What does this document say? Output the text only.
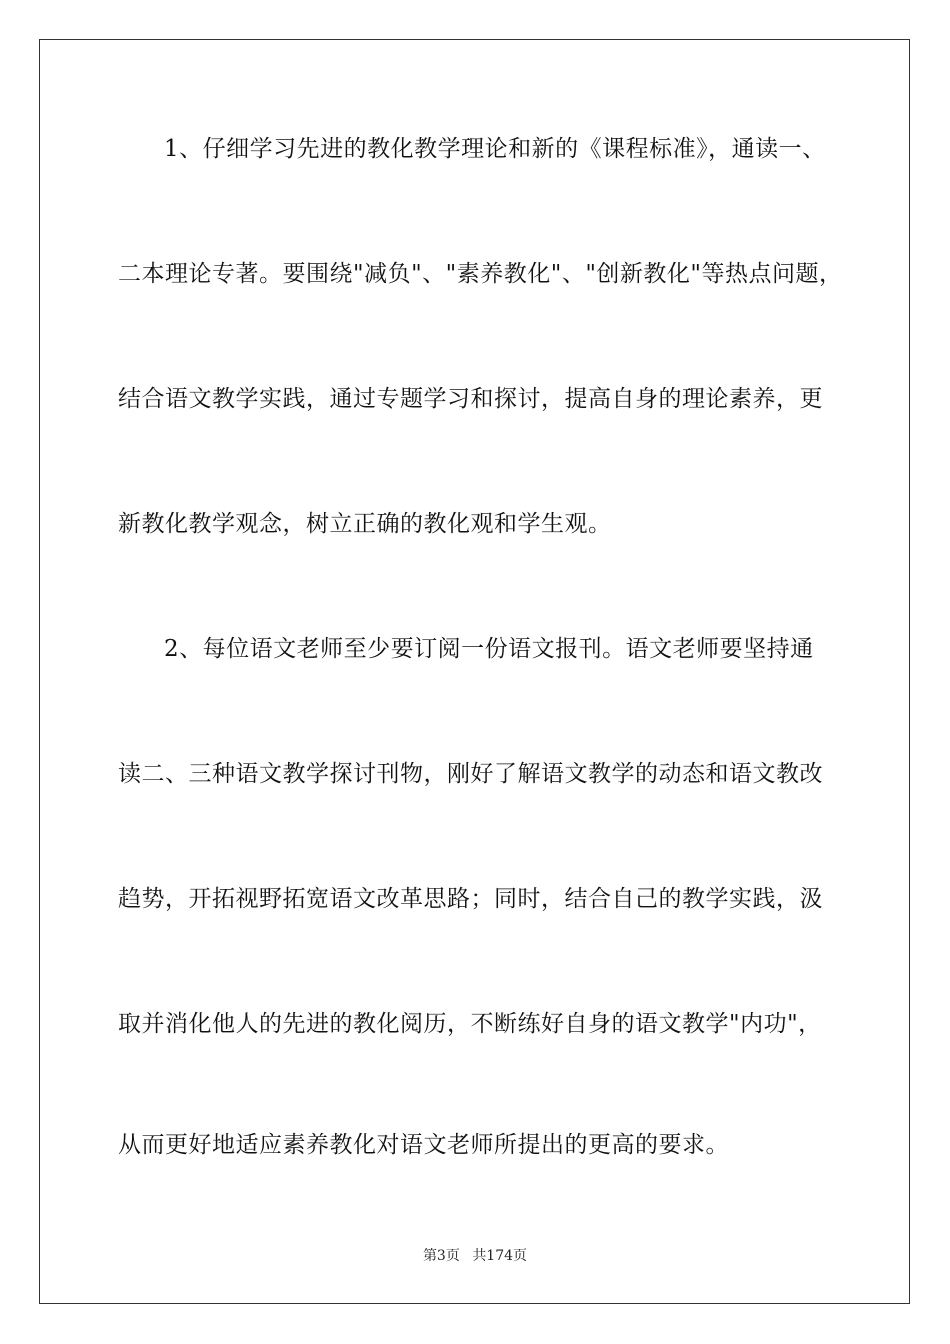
1、仔细学习先进的教化教学理论和新的《课程标准》，通读一、
二本理论专著。要围绕"减负"、"素养教化"、"创新教化"等热点问题，
结合语文教学实践，通过专题学习和探讨，提高自身的理论素养，更
新教化教学观念，树立正确的教化观和学生观。
2、每位语文老师至少要订阅一份语文报刊。语文老师要坚持通
读二、三种语文教学探讨刊物，刚好了解语文教学的动态和语文教改
趋势，开拓视野拓宽语文改革思路；同时，结合自己的教学实践，汲
取并消化他人的先进的教化阅历，不断练好自身的语文教学"内功"，
从而更好地适应素养教化对语文老师所提出的更高的要求。
第3页 共174页
